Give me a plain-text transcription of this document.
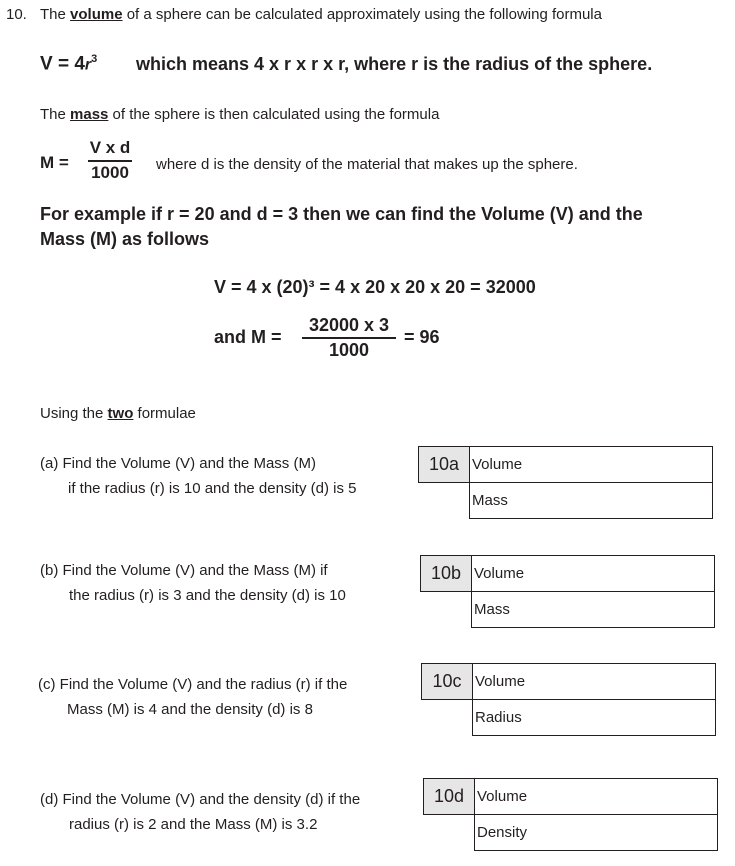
10. The volume of a sphere can be calculated approximately using the following formula
$V = 4r^3$ which means 4 x r x r x r, where r is the radius of the sphere.
The mass of the sphere is then calculated using the formula
M =
V x d
1000	where d is the density of the material that makes up the sphere.
For example if r = 20 and d = 3 then we can find the Volume (V) and the
Mass (M) as follows
V = 4 x (20)³ = 4 x 20 x 20 x 20 = 32000
and M =
32000 x 3
1000
= 96
Using the two formulae
(a) Find the Volume (V) and the Mass (M)
if the radius (r) is 10 and the density (d) is 5
10a Volume
Mass
(b) Find the Volume (V) and the Mass (M) if
the radius (r) is 3 and the density (d) is 10
10b Volume
Mass
(c) Find the Volume (V) and the radius (r) if the
Mass (M) is 4 and the density (d) is 8
10c Volume
Radius
(d) Find the Volume (V) and the density (d) if the
radius (r) is 2 and the Mass (M) is 3.2
10d Volume
Density
